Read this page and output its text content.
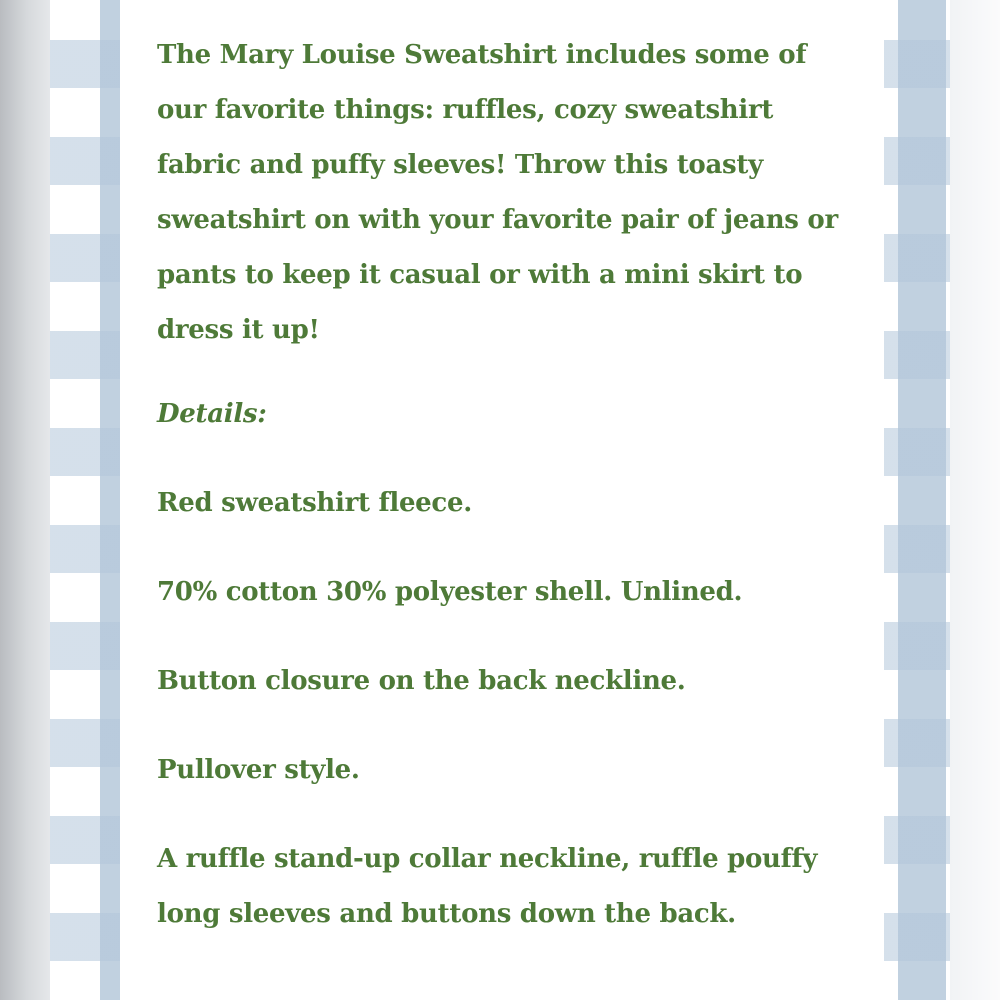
The Mary Louise Sweatshirt includes some of our favorite things: ruffles, cozy sweatshirt fabric and puffy sleeves! Throw this toasty sweatshirt on with your favorite pair of jeans or pants to keep it casual or with a mini skirt to dress it up!

Details:

Red sweatshirt fleece.
70% cotton 30% polyester shell. Unlined.
Button closure on the back neckline.
Pullover style.
A ruffle stand-up collar neckline, ruffle pouffy long sleeves and buttons down the back.
